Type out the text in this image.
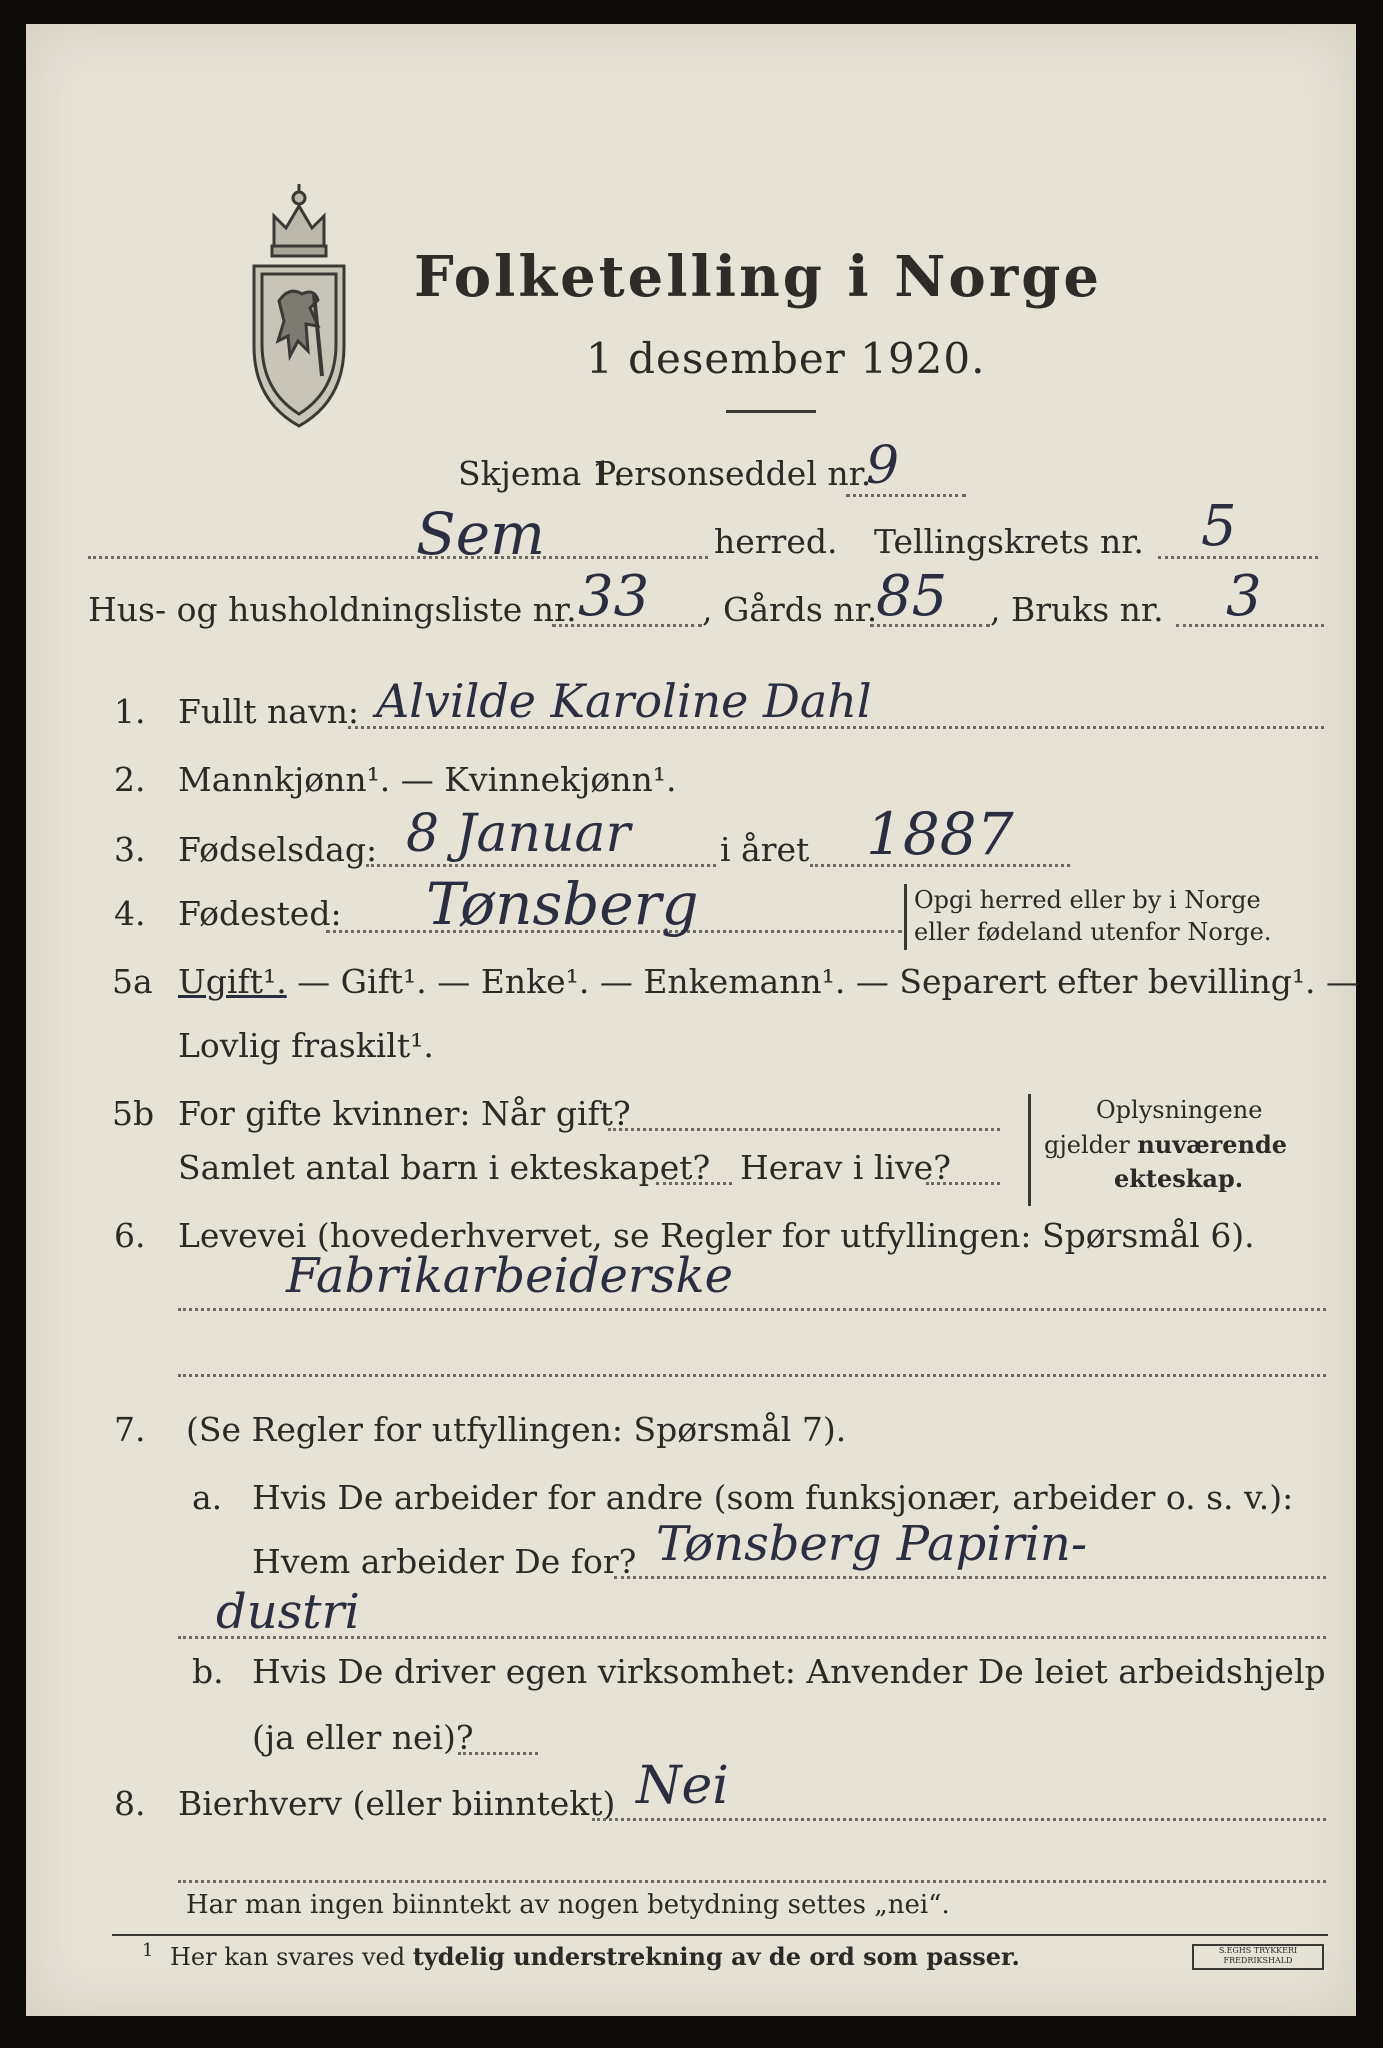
Folketelling i Norge
1 desember 1920.
Skjema 1.
Personseddel nr.
9
Sem	herred. Tellingskrets nr. 5
Hus- og husholdningsliste nr. 33 , Gårds nr.
85 , Bruks nr. 3
1. Fullt navn: Alvilde Karoline Dahl
2. Mannkjønn¹. — Kvinnekjønn¹.
3. Fødselsdag: 8 Januar	i året 1887
4. Fødested: Tønsberg	Opgi herred eller by i Norge
eller fødeland utenfor Norge.
5a Ugift¹. — Gift¹. — Enke¹. — Enkemann¹. — Separert efter bevilling¹. —
Lovlig fraskilt¹.
5b For gifte kvinner: Når gift?
Samlet antal barn i ekteskapet? Herav i live?
Oplysningene
gjelder nuværende
ekteskap.
6. Levevei (hovederhvervet, se Regler for utfyllingen: Spørsmål 6).
Fabrikarbeiderske
7. (Se Regler for utfyllingen: Spørsmål 7).
a. Hvis De arbeider for andre (som funksjonær, arbeider o. s. v.):
Hvem arbeider De for? Tønsberg Papirin-
dustri
b. Hvis De driver egen virksomhet: Anvender De leiet arbeidshjelp
(ja eller nei)?
8. Bierhverv (eller biinntekt) Nei
Har man ingen biinntekt av nogen betydning settes „nei“.
1 Her kan svares ved tydelig understrekning av de ord som passer.	S.EGHS TRYKKERI FREDRIKSHALD
